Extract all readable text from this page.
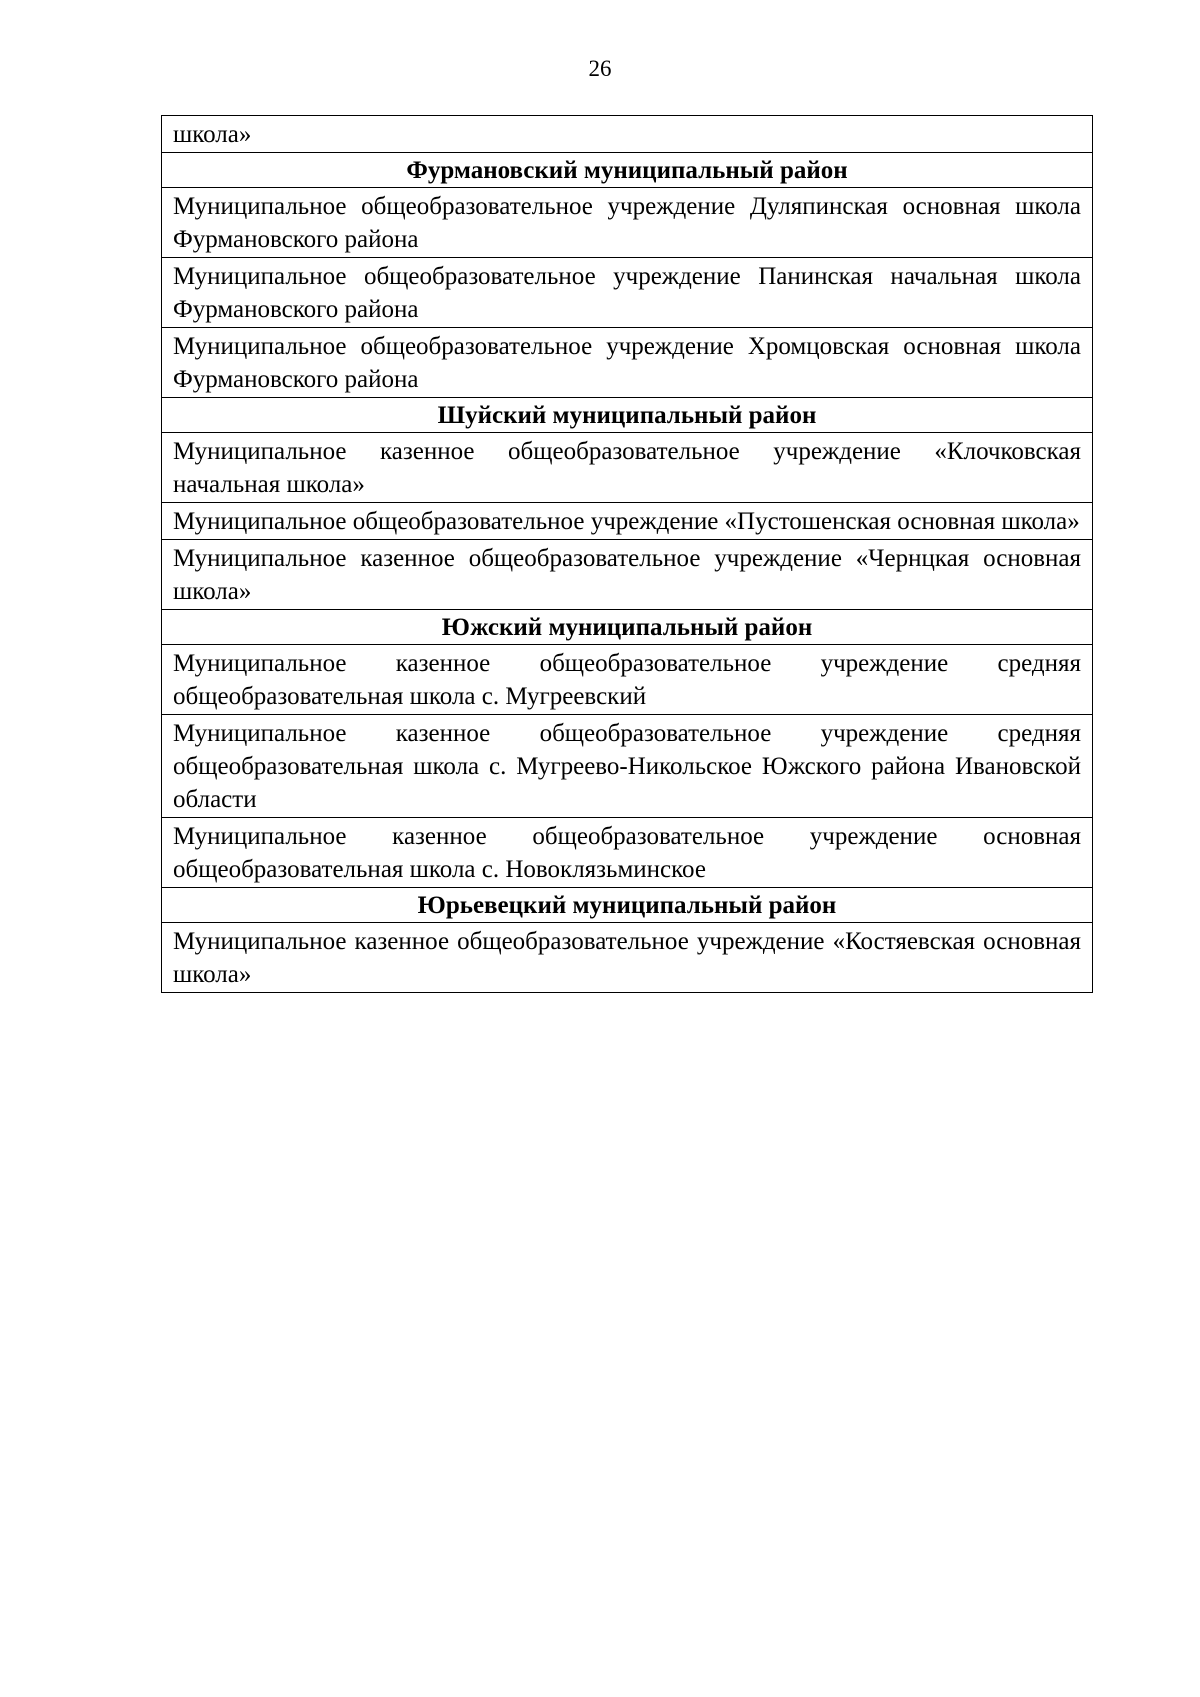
26
школа»
Фурмановский муниципальный район
Муниципальное общеобразовательное учреждение Дуляпинская основная школа Фурмановского района
Муниципальное общеобразовательное учреждение Панинская начальная школа Фурмановского района
Муниципальное общеобразовательное учреждение Хромцовская основная школа Фурмановского района
Шуйский муниципальный район
Муниципальное казенное общеобразовательное учреждение «Клочковская начальная школа»
Муниципальное общеобразовательное учреждение «Пустошенская основная школа»
Муниципальное казенное общеобразовательное учреждение «Чернцкая основная школа»
Южский муниципальный район
Муниципальное казенное общеобразовательное учреждение средняя общеобразовательная школа с. Мугреевский
Муниципальное казенное общеобразовательное учреждение средняя общеобразовательная школа с. Мугреево-Никольское Южского района Ивановской области
Муниципальное казенное общеобразовательное учреждение основная общеобразовательная школа с. Новоклязьминское
Юрьевецкий муниципальный район
Муниципальное казенное общеобразовательное учреждение «Костяевская основная школа»
